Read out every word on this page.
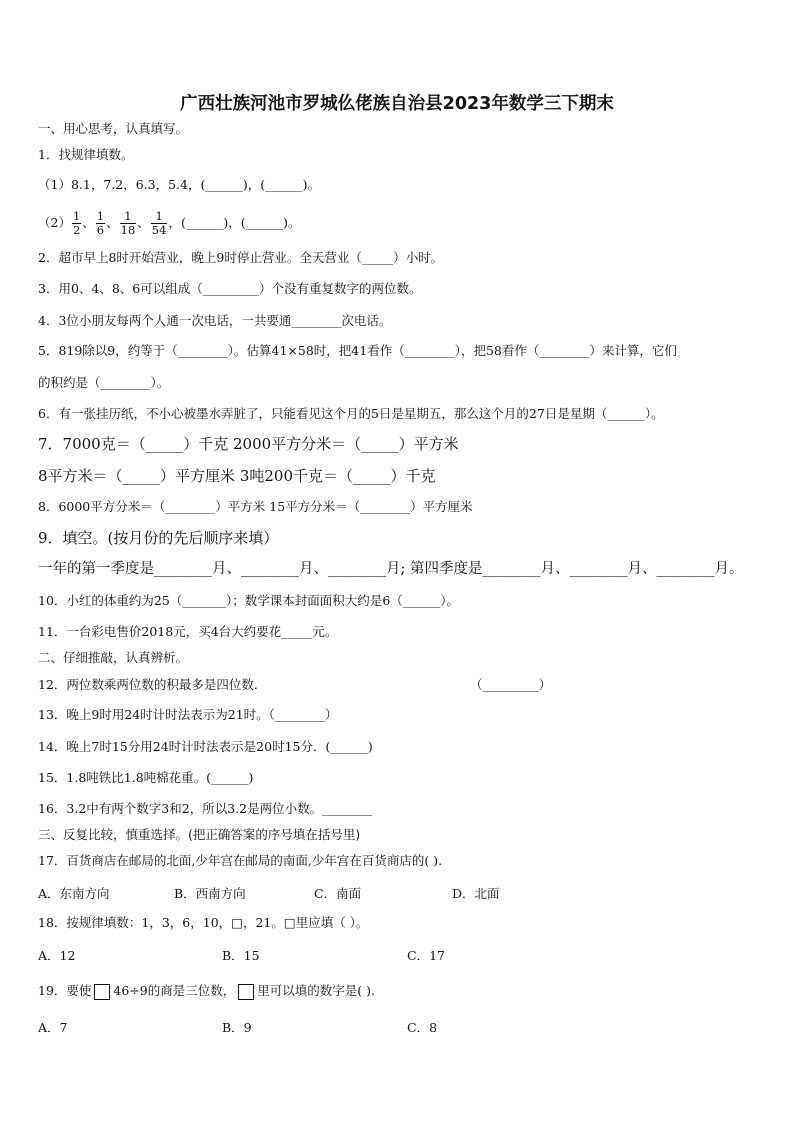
广西壮族河池市罗城仫佬族自治县2023年数学三下期末
一、用心思考，认真填写。
1．找规律填数。
（1）8.1，7.2，6.3，5.4，(______)，(______)。
$(2) \frac{1}{2}$ 、 $\frac{1}{6}$ 、 $\frac{1}{18}$ 、 $\frac{1}{54}$ ，(______)，(______)。
2．超市早上8时开始营业，晚上9时停止营业。全天营业（_____）小时。
3．用0、4、8、6可以组成（_________）个没有重复数字的两位数。
4．3位小朋友每两个人通一次电话，一共要通________次电话。
5．819除以9，约等于（________）。估算41×58时，把41看作（________），把58看作（________）来计算，它们
的积约是（________）。
6．有一张挂历纸，不小心被墨水弄脏了，只能看见这个月的5日是星期五，那么这个月的27日是星期（______）。
7．7000克＝（_____）千克 2000平方分米＝（_____）平方米
8平方米＝（_____）平方厘米 3吨200千克＝（_____）千克
8．6000平方分米＝（________）平方米 15平方分米＝（________）平方厘米
9．填空。(按月份的先后顺序来填）
一年的第一季度是________月、________月、________月; 第四季度是________月、________月、________月。
10．小红的体重约为25（_______）；数学课本封面面积大约是6（______）。
11．一台彩电售价2018元，买4台大约要花_____元。
二、仔细推敲，认真辨析。
12．两位数乘两位数的积最多是四位数.	（_________）
13．晚上9时用24时计时法表示为21时。（________）
14．晚上7时15分用24时计时法表示是20时15分．(______)
15．1.8吨铁比1.8吨棉花重。(______)
16．3.2中有两个数字3和2，所以3.2是两位小数。________
三、反复比较，慎重选择。(把正确答案的序号填在括号里)
17．百货商店在邮局的北面,少年宫在邮局的南面,少年宫在百货商店的( ).
A．东南方向	B．西南方向	C．南面	D．北面
18．按规律填数：1，3，6，10，□，21。□里应填（ ）。
A．12	B．15	C．17
19．要使 46÷9的商是三位数， 里可以填的数字是( ).
A．7	B．9	C．8
